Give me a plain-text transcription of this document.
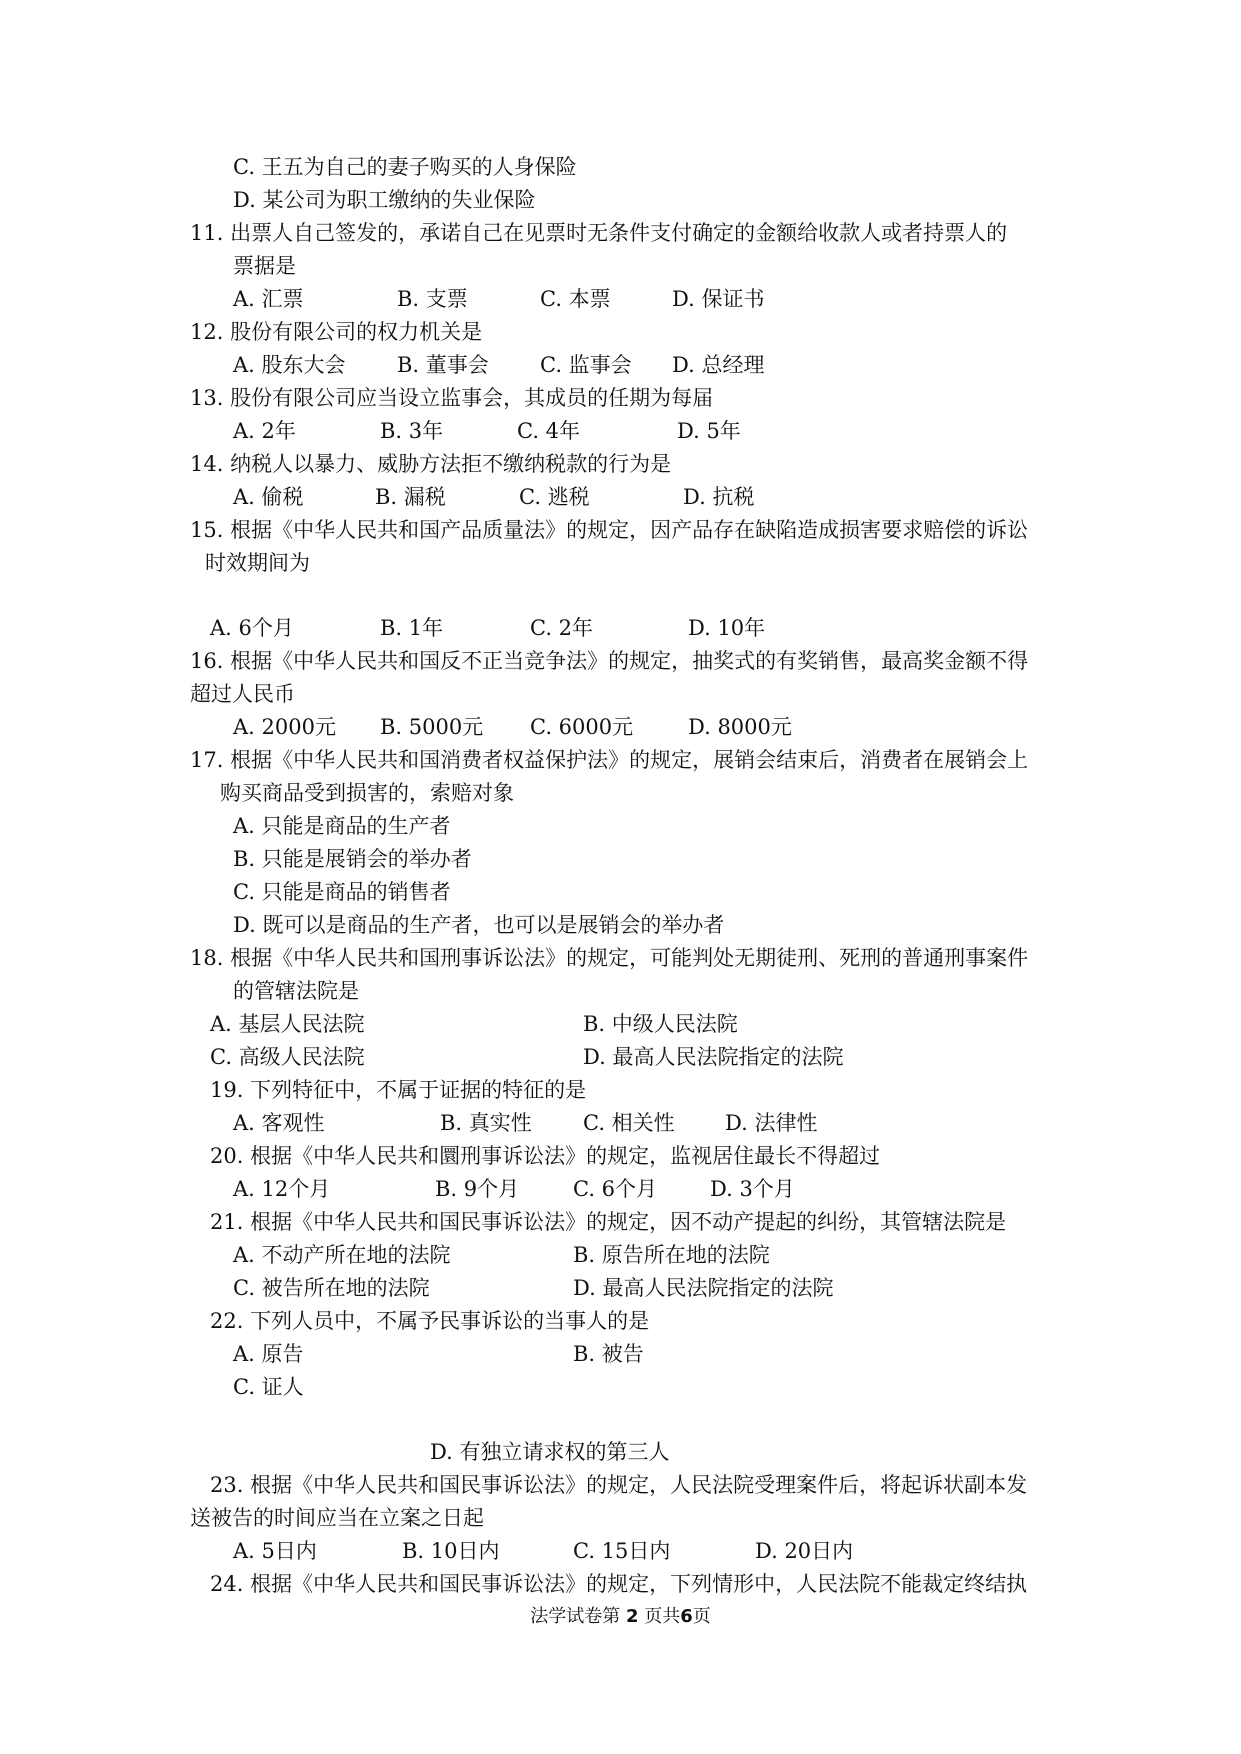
C. 王五为自己的妻子购买的人身保险
D. 某公司为职工缴纳的失业保险
11. 出票人自己签发的，承诺自己在见票时无条件支付确定的金额给收款人或者持票人的
票据是
A. 汇票	B. 支票	C. 本票	D. 保证书
12. 股份有限公司的权力机关是
A. 股东大会 B. 董事会 C. 监事会 D. 总经理
13. 股份有限公司应当设立监事会，其成员的任期为每届
A. 2年	B. 3年	C. 4年	D. 5年
14. 纳税人以暴力、威胁方法拒不缴纳税款的行为是
A. 偷税	B. 漏税	C. 逃税	D. 抗税
15. 根据《中华人民共和国产品质量法》的规定，因产品存在缺陷造成损害要求赔偿的诉讼
时效期间为
A. 6个月	B. 1年	C. 2年	D. 10年
16. 根据《中华人民共和国反不正当竞争法》的规定，抽奖式的有奖销售，最高奖金额不得
超过人民币
A. 2000元 B. 5000元 C. 6000元	D. 8000元
17. 根据《中华人民共和国消费者权益保护法》的规定，展销会结束后，消费者在展销会上
购买商品受到损害的，索赔对象
A. 只能是商品的生产者
B. 只能是展销会的举办者
C. 只能是商品的销售者
D. 既可以是商品的生产者，也可以是展销会的举办者
18. 根据《中华人民共和国刑事诉讼法》的规定，可能判处无期徒刑、死刑的普通刑事案件
的管辖法院是
A. 基层人民法院	B. 中级人民法院
C. 高级人民法院	D. 最高人民法院指定的法院
19. 下列特征中，不属于证据的特征的是
A. 客观性	B. 真实性 C. 相关性 D. 法律性
20. 根据《中华人民共和圜刑事诉讼法》的规定，监视居住最长不得超过
A. 12个月	B. 9个月	C. 6个月	D. 3个月
21. 根据《中华人民共和国民事诉讼法》的规定，因不动产提起的纠纷，其管辖法院是
A. 不动产所在地的法院	B. 原告所在地的法院
C. 被告所在地的法院	D. 最高人民法院指定的法院
22. 下列人员中，不属予民事诉讼的当事人的是
A. 原告	B. 被告
C. 证人
D. 有独立请求权的第三人
23. 根据《中华人民共和国民事诉讼法》的规定，人民法院受理案件后，将起诉状副本发
送被告的时间应当在立案之日起
A. 5日内	B. 10日内	C. 15日内	D. 20日内
24. 根据《中华人民共和国民事诉讼法》的规定，下列情形中，人民法院不能裁定终结执
法学试卷第 2 页共6页
